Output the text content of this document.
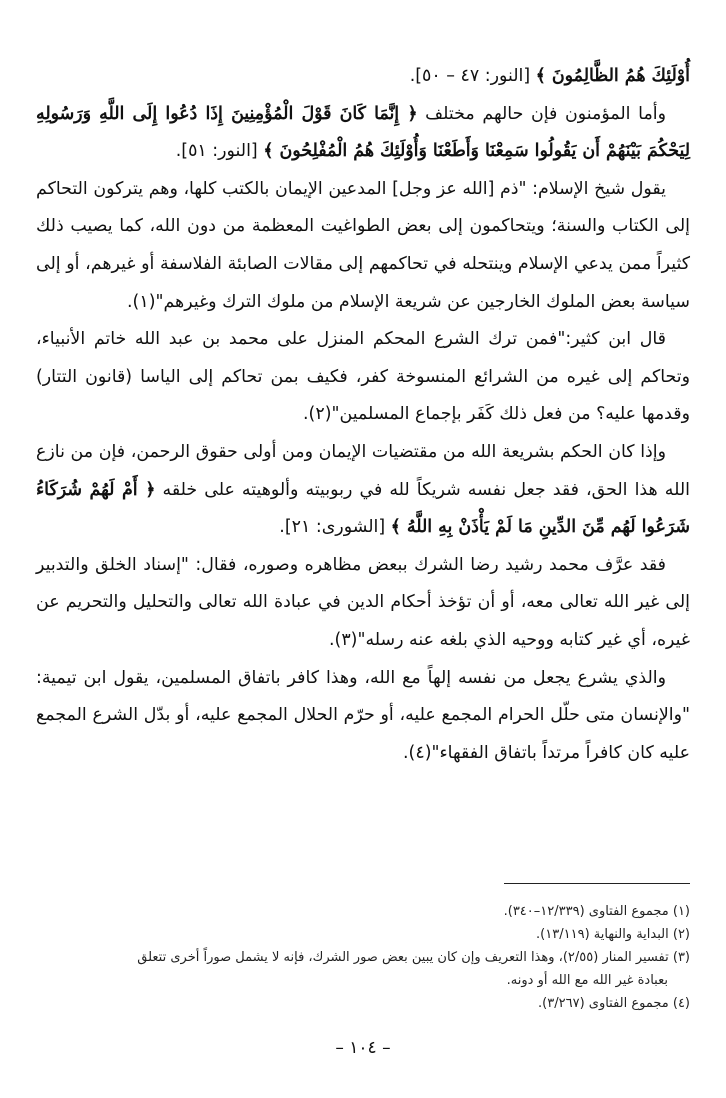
أُوْلَئِكَ هُمُ الظَّالِمُونَ ﴾ [النور: ٤٧ – ٥٠].

وأما المؤمنون فإن حالهم مختلف ﴿ إِنَّمَا كَانَ قَوْلَ الْمُؤْمِنِينَ إِذَا دُعُوا إِلَى اللَّهِ وَرَسُولِهِ لِيَحْكُمَ بَيْنَهُمْ أَن يَقُولُوا سَمِعْنَا وَأَطَعْنَا وَأُوْلَئِكَ هُمُ الْمُفْلِحُونَ ﴾ [النور: ٥١].

يقول شيخ الإسلام: "ذم [الله عز وجل] المدعين الإيمان بالكتب كلها، وهم يتركون التحاكم إلى الكتاب والسنة؛ ويتحاكمون إلى بعض الطواغيت المعظمة من دون الله، كما يصيب ذلك كثيراً ممن يدعي الإسلام وينتحله في تحاكمهم إلى مقالات الصابئة الفلاسفة أو غيرهم، أو إلى سياسة بعض الملوك الخارجين عن شريعة الإسلام من ملوك الترك وغيرهم"(١).

قال ابن كثير:"فمن ترك الشرع المحكم المنزل على محمد بن عبد الله خاتم الأنبياء، وتحاكم إلى غيره من الشرائع المنسوخة كفر، فكيف بمن تحاكم إلى الياسا (قانون التتار) وقدمها عليه؟ من فعل ذلك كَفَر بإجماع المسلمين"(٢).

وإذا كان الحكم بشريعة الله من مقتضيات الإيمان ومن أولى حقوق الرحمن، فإن من نازع الله هذا الحق، فقد جعل نفسه شريكاً لله في ربوبيته وألوهيته على خلقه ﴿ أَمْ لَهُمْ شُرَكَاءُ شَرَعُوا لَهُم مِّنَ الدِّينِ مَا لَمْ يَأْذَنْ بِهِ اللَّهُ ﴾ [الشورى: ٢١].

فقد عرَّف محمد رشيد رضا الشرك ببعض مظاهره وصوره، فقال: "إسناد الخلق والتدبير إلى غير الله تعالى معه، أو أن تؤخذ أحكام الدين في عبادة الله تعالى والتحليل والتحريم عن غيره، أي غير كتابه ووحيه الذي بلغه عنه رسله"(٣).

والذي يشرع يجعل من نفسه إلهاً مع الله، وهذا كافر باتفاق المسلمين، يقول ابن تيمية: "والإنسان متى حلّل الحرام المجمع عليه، أو حرّم الحلال المجمع عليه، أو بدّل الشرع المجمع عليه كان كافراً مرتداً باتفاق الفقهاء"(٤).

(١) مجموع الفتاوى (١٢/٣٣٩–٣٤٠).
(٢) البداية والنهاية (١٣/١١٩).
(٣) تفسير المنار (٢/٥٥)، وهذا التعريف وإن كان يبين بعض صور الشرك، فإنه لا يشمل صوراً أخرى تتعلق
بعبادة غير الله مع الله أو دونه.
(٤) مجموع الفتاوى (٣/٢٦٧).
– ١٠٤ –
